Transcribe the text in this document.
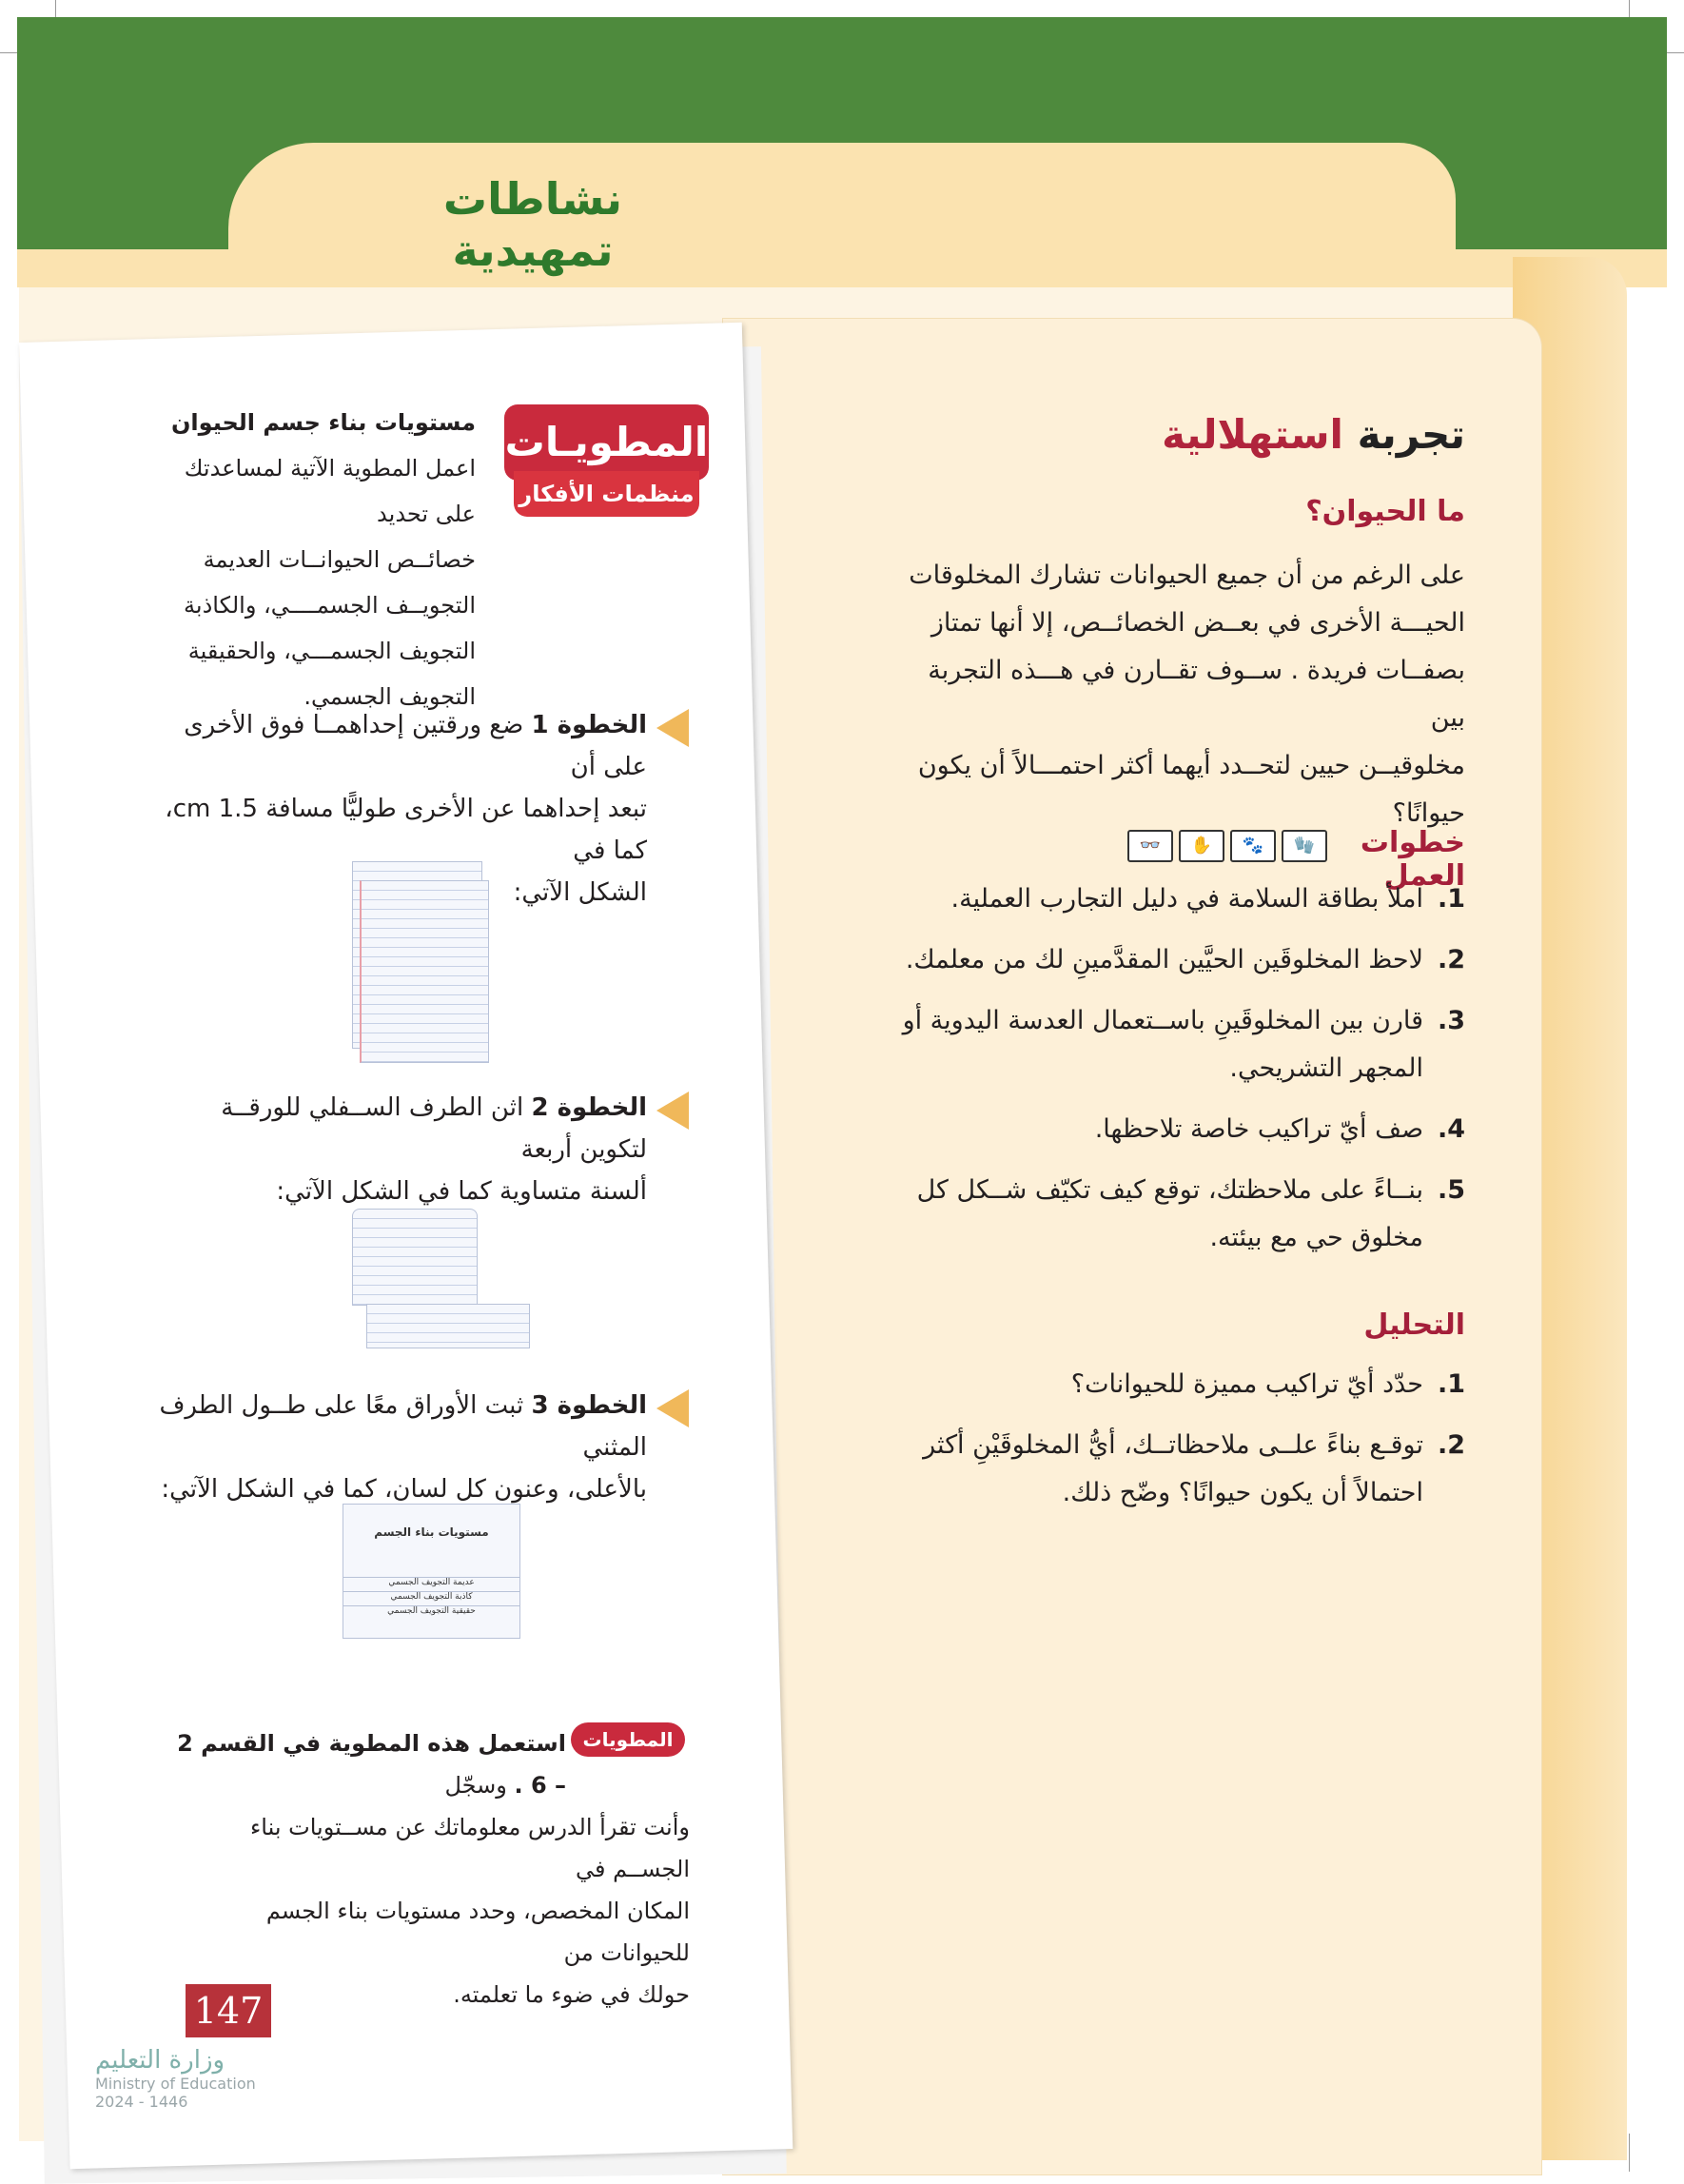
نشاطات تمهيدية
تجربة استهلالية
ما الحيوان؟
على الرغم من أن جميع الحيوانات تشارك المخلوقات
الحيـــة الأخرى في بعــض الخصائــص، إلا أنها تمتاز
بصفــات فريدة . ســوف تقــارن في هـــذه التجربة بين
مخلوقيــن حيين لتحــدد أيهما أكثر احتمـــالاً أن يكون
حيوانًا؟
خطوات العمل
👓	✋	🐾	🧤
1.
املأ بطاقة السلامة في دليل التجارب العملية.
2.
لاحظ المخلوقَين الحيَّين المقدَّمينِ لك من معلمك.
3.
قارن بين المخلوقَينِ باســتعمال العدسة اليدوية أو المجهر التشريحي.
4.
صف أيّ تراكيب خاصة تلاحظها.
5.
بنــاءً على ملاحظتك، توقع كيف تكيّف شــكل كل مخلوق حي مع بيئته.
التحليل
1.
حدّد أيّ تراكيب مميزة للحيوانات؟
2.
توقـع بناءً علــى ملاحظاتــك، أيُّ المخلوقَيْنِ أكثر احتمالاً أن يكون حيوانًا؟ وضّح ذلك.
المطويـات
منظمات الأفكار
مستويات بناء جسم الحيوان اعمل المطوية الآتية لمساعدتك على تحديد
خصائــص الحيوانــات العديمة
التجويــف الجسمــــي، والكاذبة
التجويف الجسمـــي، والحقيقية
التجويف الجسمي.
الخطوة 1 ضع ورقتين إحداهمــا فوق الأخرى على أن
تبعد إحداهما عن الأخرى طوليًّا مسافة 1.5 cm، كما في
الشكل الآتي:
الخطوة 2 اثن الطرف الســفلي للورقــة لتكوين أربعة
ألسنة متساوية كما في الشكل الآتي:
الخطوة 3 ثبت الأوراق معًا على طــول الطرف المثني
بالأعلى، وعنون كل لسان، كما في الشكل الآتي:
مستويات بناء الجسم
عديمة التجويف الجسمي
كاذبة التجويف الجسمي
حقيقية التجويف الجسمي
المطويات
استعمل هذه المطوية في القسم 2 – 6 . وسجّل
وأنت تقرأ الدرس معلوماتك عن مســتويات بناء الجســم في
المكان المخصص، وحدد مستويات بناء الجسم للحيوانات من
حولك في ضوء ما تعلمته.
147
وزارة التعليم
Ministry of Education
2024 - 1446
